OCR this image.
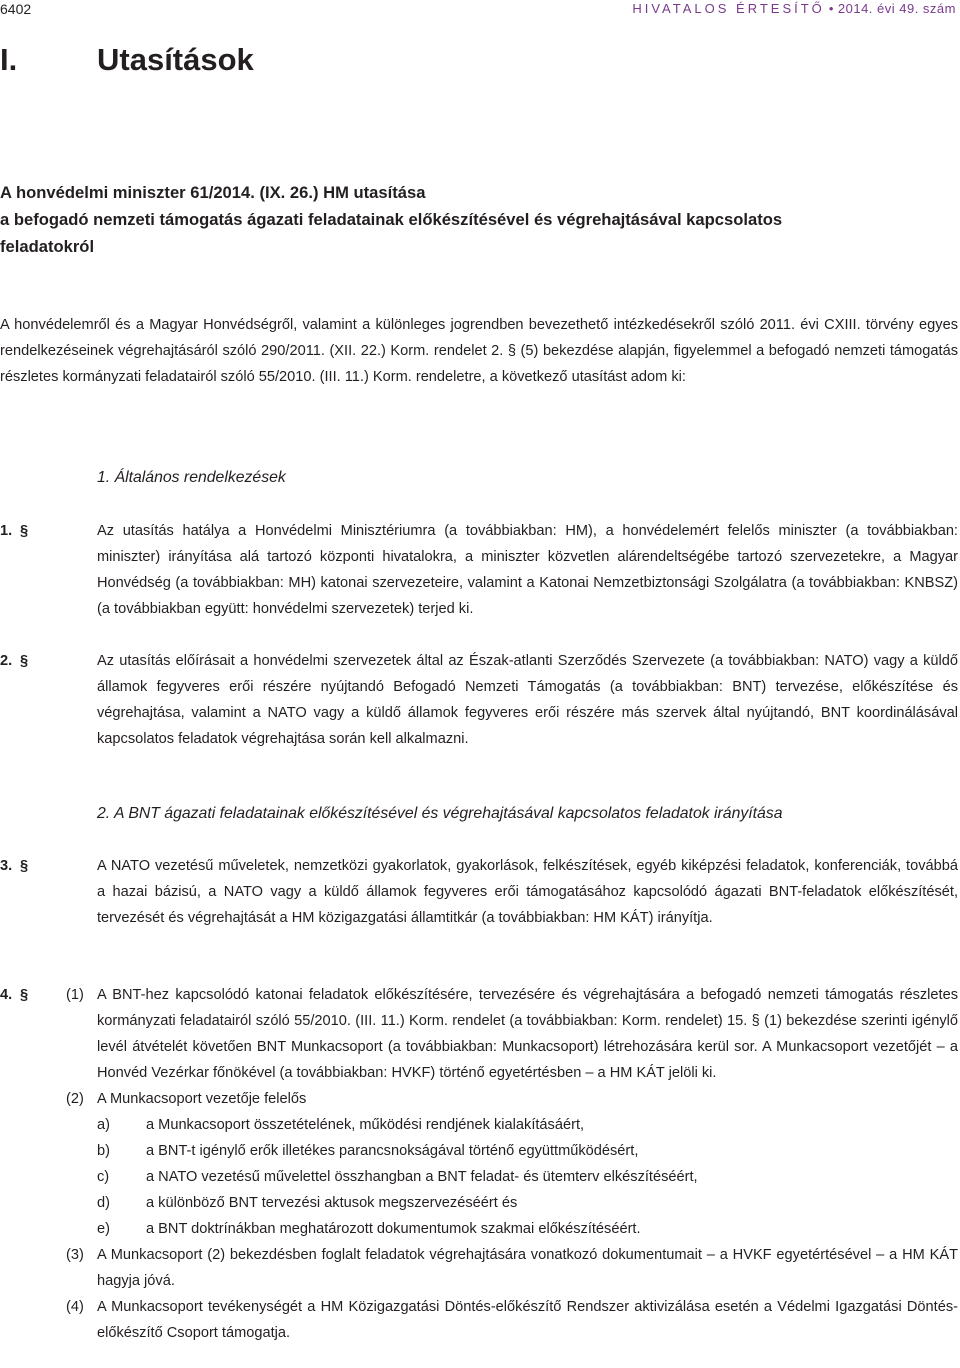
6402	HIVATALOS ÉRTESÍTŐ • 2014. évi 49. szám
I.	Utasítások
A honvédelmi miniszter 61/2014. (IX. 26.) HM utasítása
a befogadó nemzeti támogatás ágazati feladatainak előkészítésével és végrehajtásával kapcsolatos
feladatokról
A honvédelemről és a Magyar Honvédségről, valamint a különleges jogrendben bevezethető intézkedésekről szóló 2011. évi CXIII. törvény egyes rendelkezéseinek végrehajtásáról szóló 290/2011. (XII. 22.) Korm. rendelet 2. § (5) bekezdése alapján, figyelemmel a befogadó nemzeti támogatás részletes kormányzati feladatairól szóló 55/2010. (III. 11.) Korm. rendeletre, a következő utasítást adom ki:
1. Általános rendelkezések
1. §	Az utasítás hatálya a Honvédelmi Minisztériumra (a továbbiakban: HM), a honvédelemért felelős miniszter (a továbbiakban: miniszter) irányítása alá tartozó központi hivatalokra, a miniszter közvetlen alárendeltségébe tartozó szervezetekre, a Magyar Honvédség (a továbbiakban: MH) katonai szervezeteire, valamint a Katonai Nemzetbiztonsági Szolgálatra (a továbbiakban: KNBSZ) (a továbbiakban együtt: honvédelmi szervezetek) terjed ki.
2. §	Az utasítás előírásait a honvédelmi szervezetek által az Észak-atlanti Szerződés Szervezete (a továbbiakban: NATO) vagy a küldő államok fegyveres erői részére nyújtandó Befogadó Nemzeti Támogatás (a továbbiakban: BNT) tervezése, előkészítése és végrehajtása, valamint a NATO vagy a küldő államok fegyveres erői részére más szervek által nyújtandó, BNT koordinálásával kapcsolatos feladatok végrehajtása során kell alkalmazni.
2. A BNT ágazati feladatainak előkészítésével és végrehajtásával kapcsolatos feladatok irányítása
3. §	A NATO vezetésű műveletek, nemzetközi gyakorlatok, gyakorlások, felkészítések, egyéb kiképzési feladatok, konferenciák, továbbá a hazai bázisú, a NATO vagy a küldő államok fegyveres erői támogatásához kapcsolódó ágazati BNT-feladatok előkészítését, tervezését és végrehajtását a HM közigazgatási államtitkár (a továbbiakban: HM KÁT) irányítja.
4. §	(1) A BNT-hez kapcsolódó katonai feladatok előkészítésére, tervezésére és végrehajtására a befogadó nemzeti támogatás részletes kormányzati feladatairól szóló 55/2010. (III. 11.) Korm. rendelet (a továbbiakban: Korm. rendelet) 15. § (1) bekezdése szerinti igénylő levél átvételét követően BNT Munkacsoport (a továbbiakban: Munkacsoport) létrehozására kerül sor. A Munkacsoport vezetőjét – a Honvéd Vezérkar főnökével (a továbbiakban: HVKF) történő egyetértésben – a HM KÁT jelöli ki.
(2) A Munkacsoport vezetője felelős
a) a Munkacsoport összetételének, működési rendjének kialakításáért,
b) a BNT-t igénylő erők illetékes parancsnokságával történő együttműködésért,
c)	a NATO vezetésű művelettel összhangban a BNT feladat- és ütemterv elkészítéséért,
d) a különböző BNT tervezési aktusok megszervezéséért és
e) a BNT doktrínákban meghatározott dokumentumok szakmai előkészítéséért.
(3) A Munkacsoport (2) bekezdésben foglalt feladatok végrehajtására vonatkozó dokumentumait – a HVKF egyetértésével – a HM KÁT hagyja jóvá.
(4) A Munkacsoport tevékenységét a HM Közigazgatási Döntés-előkészítő Rendszer aktivizálása esetén a Védelmi Igazgatási Döntés-előkészítő Csoport támogatja.
